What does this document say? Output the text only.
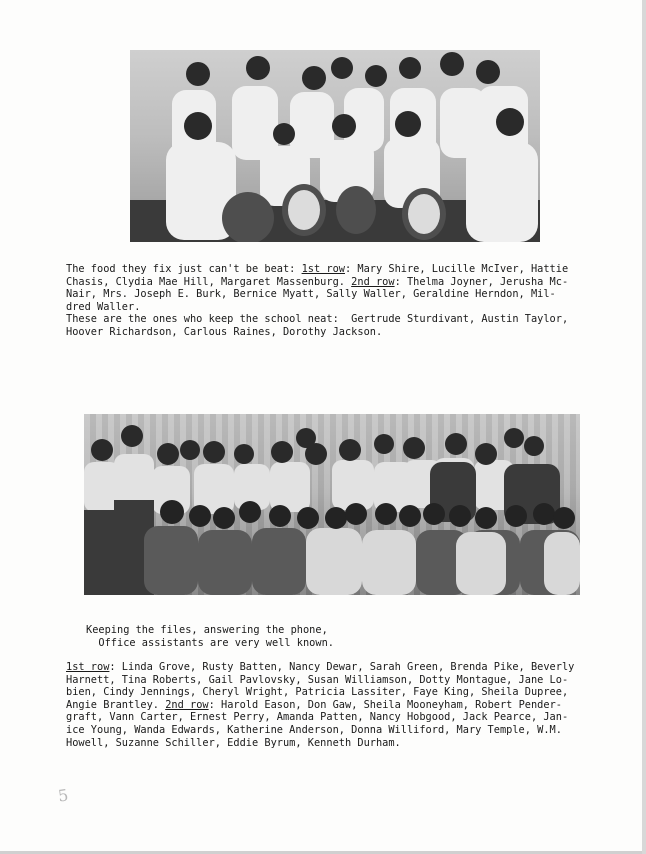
The food they fix just can't be beat: 1st row: Mary Shire, Lucille McIver, Hattie
Chasis, Clydia Mae Hill, Margaret Massenburg. 2nd row: Thelma Joyner, Jerusha Mc-
Nair, Mrs. Joseph E. Burk, Bernice Myatt, Sally Waller, Geraldine Herndon, Mil-
dred Waller.
These are the ones who keep the school neat:  Gertrude Sturdivant, Austin Taylor,
Hoover Richardson, Carlous Raines, Dorothy Jackson.
Keeping the files, answering the phone,
Office assistants are very well known.
1st row: Linda Grove, Rusty Batten, Nancy Dewar, Sarah Green, Brenda Pike, Beverly
Harnett, Tina Roberts, Gail Pavlovsky, Susan Williamson, Dotty Montague, Jane Lo-
bien, Cindy Jennings, Cheryl Wright, Patricia Lassiter, Faye King, Sheila Dupree,
Angie Brantley. 2nd row: Harold Eason, Don Gaw, Sheila Mooneyham, Robert Pender-
graft, Vann Carter, Ernest Perry, Amanda Patten, Nancy Hobgood, Jack Pearce, Jan-
ice Young, Wanda Edwards, Katherine Anderson, Donna Williford, Mary Temple, W.M.
Howell, Suzanne Schiller, Eddie Byrum, Kenneth Durham.
5
